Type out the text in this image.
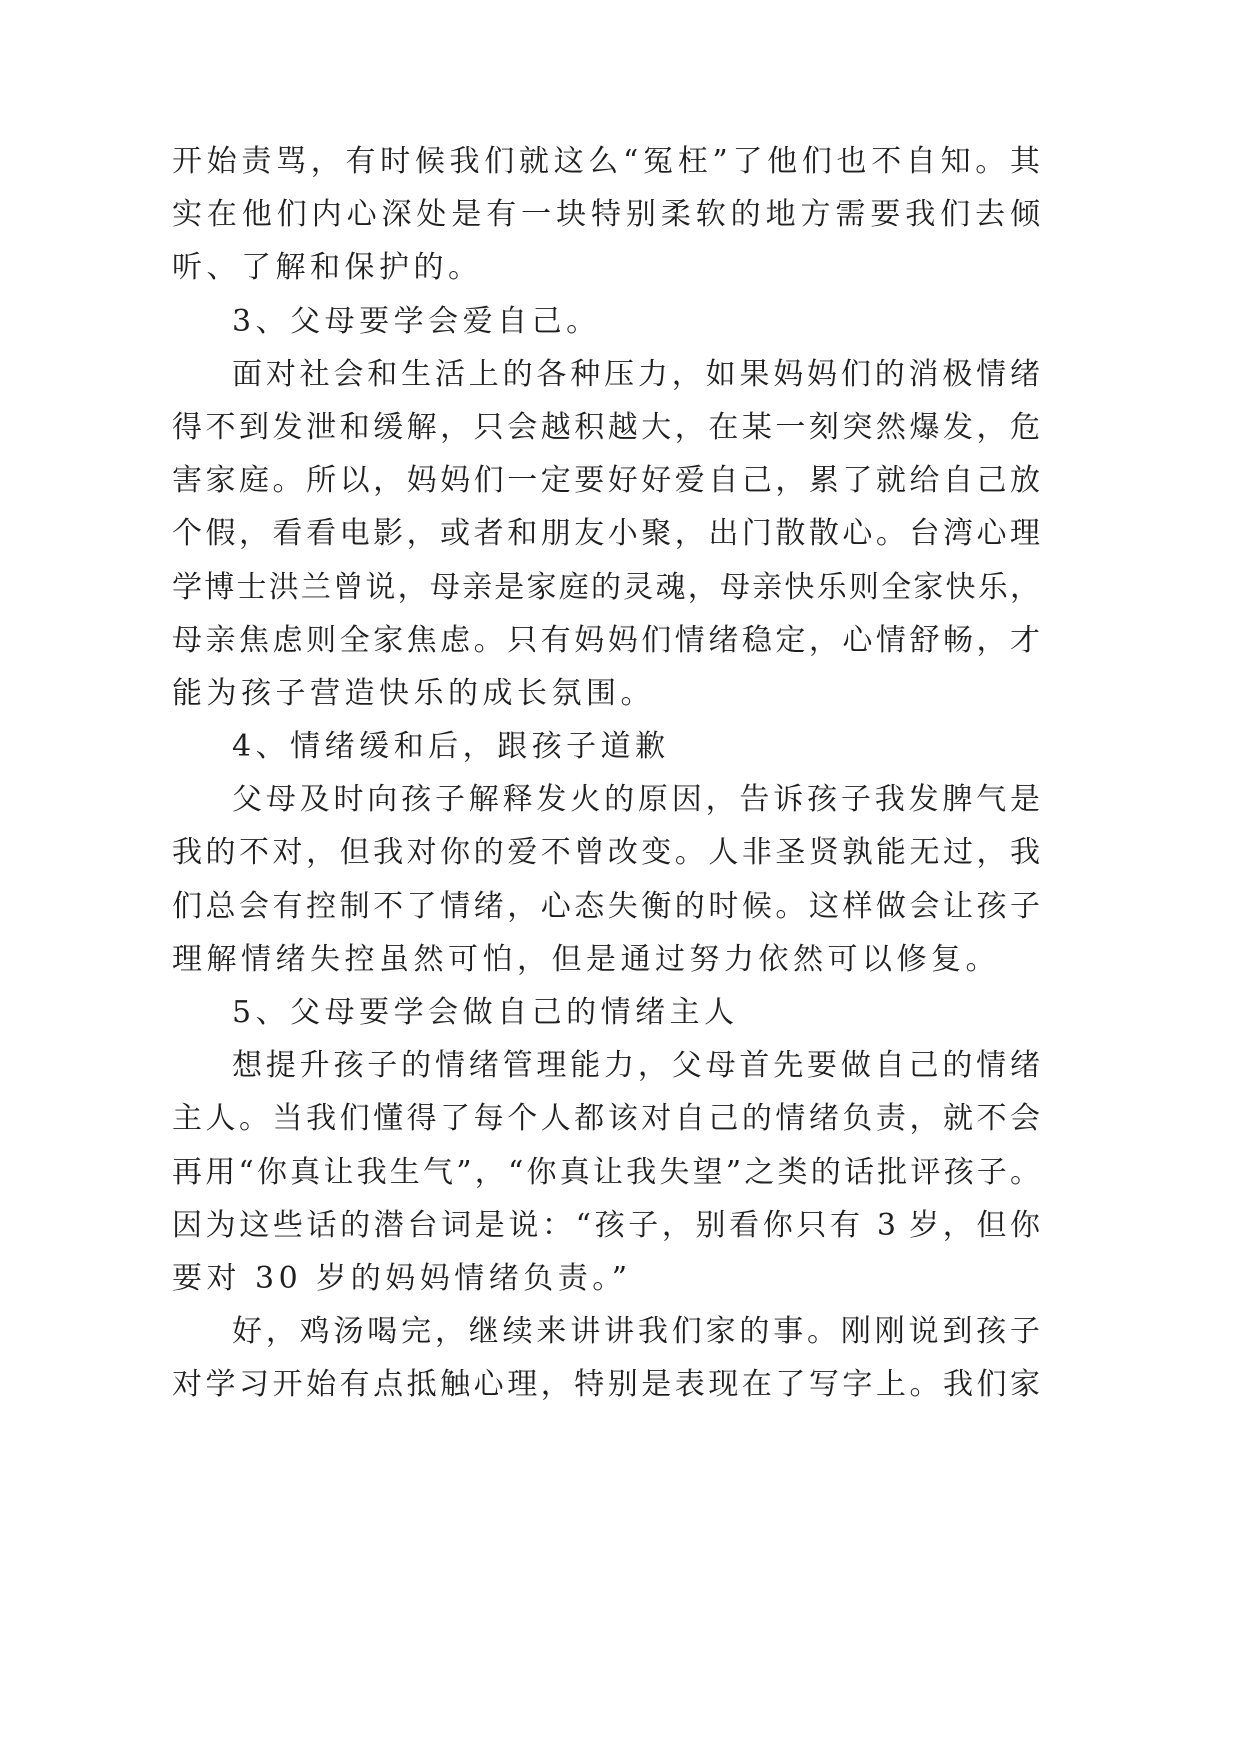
开始责骂，有时候我们就这么“冤枉”了他们也不自知。其
实在他们内心深处是有一块特别柔软的地方需要我们去倾
听、了解和保护的。
3、父母要学会爱自己。
面对社会和生活上的各种压力，如果妈妈们的消极情绪
得不到发泄和缓解，只会越积越大，在某一刻突然爆发，危
害家庭。所以，妈妈们一定要好好爱自己，累了就给自己放
个假，看看电影，或者和朋友小聚，出门散散心。台湾心理
学博士洪兰曾说，母亲是家庭的灵魂，母亲快乐则全家快乐，
母亲焦虑则全家焦虑。只有妈妈们情绪稳定，心情舒畅，才
能为孩子营造快乐的成长氛围。
4、情绪缓和后，跟孩子道歉
父母及时向孩子解释发火的原因，告诉孩子我发脾气是
我的不对，但我对你的爱不曾改变。人非圣贤孰能无过，我
们总会有控制不了情绪，心态失衡的时候。这样做会让孩子
理解情绪失控虽然可怕，但是通过努力依然可以修复。
5、父母要学会做自己的情绪主人
想提升孩子的情绪管理能力，父母首先要做自己的情绪
主人。当我们懂得了每个人都该对自己的情绪负责，就不会
再用“你真让我生气”，“你真让我失望”之类的话批评孩子。
因为这些话的潜台词是说：“孩子，别看你只有 3 岁，但你
要对 30 岁的妈妈情绪负责。”
好，鸡汤喝完，继续来讲讲我们家的事。刚刚说到孩子
对学习开始有点抵触心理，特别是表现在了写字上。我们家
